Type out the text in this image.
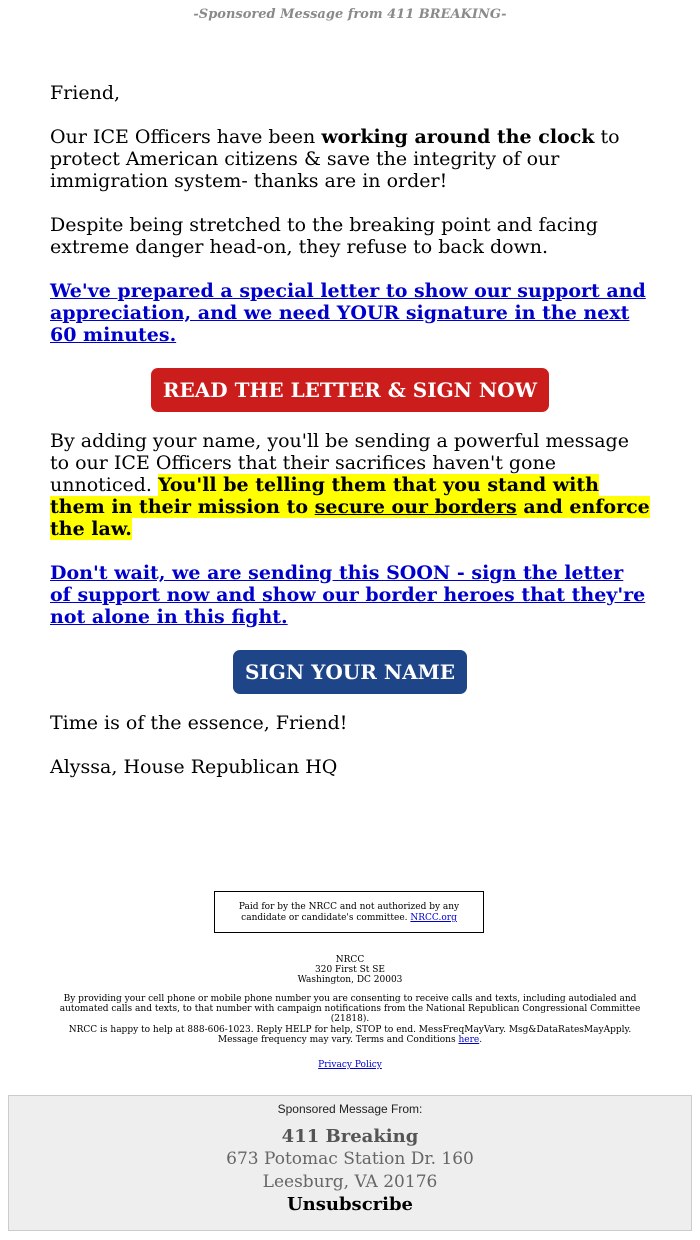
-Sponsored Message from 411 BREAKING-

Friend,

Our ICE Officers have been working around the clock to protect American citizens & save the integrity of our immigration system- thanks are in order!

Despite being stretched to the breaking point and facing extreme danger head-on, they refuse to back down.

We've prepared a special letter to show our support and appreciation, and we need YOUR signature in the next 60 minutes.

READ THE LETTER & SIGN NOW

By adding your name, you'll be sending a powerful message to our ICE Officers that their sacrifices haven't gone unnoticed. You'll be telling them that you stand with them in their mission to secure our borders and enforce the law.

Don't wait, we are sending this SOON - sign the letter of support now and show our border heroes that they're not alone in this fight.

SIGN YOUR NAME

Time is of the essence, Friend!

Alyssa, House Republican HQ

Paid for by the NRCC and not authorized by any candidate or candidate's committee. NRCC.org
NRCC
320 First St SE
Washington, DC 20003
By providing your cell phone or mobile phone number you are consenting to receive calls and texts, including autodialed and automated calls and texts, to that number with campaign notifications from the National Republican Congressional Committee (21818).
NRCC is happy to help at 888-606-1023. Reply HELP for help, STOP to end. MessFreqMayVary. Msg&DataRatesMayApply. Message frequency may vary. Terms and Conditions here.
Privacy Policy
Sponsored Message From:
411 Breaking
673 Potomac Station Dr. 160
Leesburg, VA 20176
Unsubscribe
